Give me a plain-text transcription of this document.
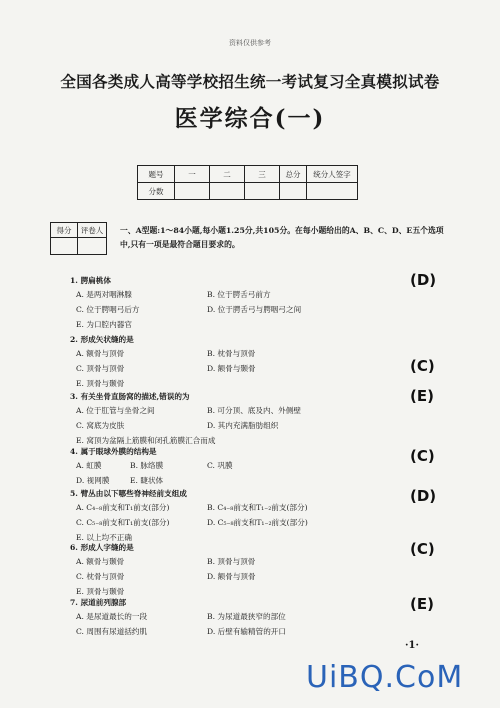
资料仅供参考
全国各类成人高等学校招生统一考试复习全真模拟试卷
医学综合(一)
题号	一	二	三	总分	统分人签字
分数					
得分	评卷人
	一、A型题:1～84小题,每小题1.25分,共105分。在每小题给出的A、B、C、D、E五个选项中,只有一项是最符合题目要求的。
1. 腭扁桃体
A. 是两对咽淋腺	B. 位于腭舌弓前方
C. 位于腭咽弓后方	D. 位于腭舌弓与腭咽弓之间
E. 为口腔内器官
(D)
2. 形成矢状缝的是
A. 额骨与顶骨	B. 枕骨与顶骨
C. 顶骨与顶骨	D. 额骨与颞骨
E. 顶骨与颞骨
(C)
3. 有关坐骨直肠窝的描述,错误的为
A. 位于肛管与坐骨之间	B. 可分顶、底及内、外侧壁
C. 窝底为皮肤	D. 其内充满脂肪组织
E. 窝顶为盆隔上筋膜和闭孔筋膜汇合而成
(E)
4. 属于眼球外膜的结构是
A. 虹膜	B. 脉络膜	C. 巩膜
D. 视网膜	E. 睫状体
(C)
5. 臂丛由以下哪些脊神经前支组成
A. C₄₋₈前支和T₁前支(部分)	B. C₄₋₈前支和T₁₋₂前支(部分)
C. C₅₋₈前支和T₁前支(部分)	D. C₅₋₈前支和T₁₋₂前支(部分)
E. 以上均不正确
(D)
6. 形成人字缝的是
A. 额骨与颞骨	B. 顶骨与顶骨
C. 枕骨与顶骨	D. 额骨与顶骨
E. 顶骨与颞骨
(C)
7. 尿道前列腺部
A. 是尿道最长的一段	B. 为尿道最狭窄的部位
C. 周围有尿道括约肌	D. 后壁有输精管的开口
(E)
·1·
UiBQ.CoM
